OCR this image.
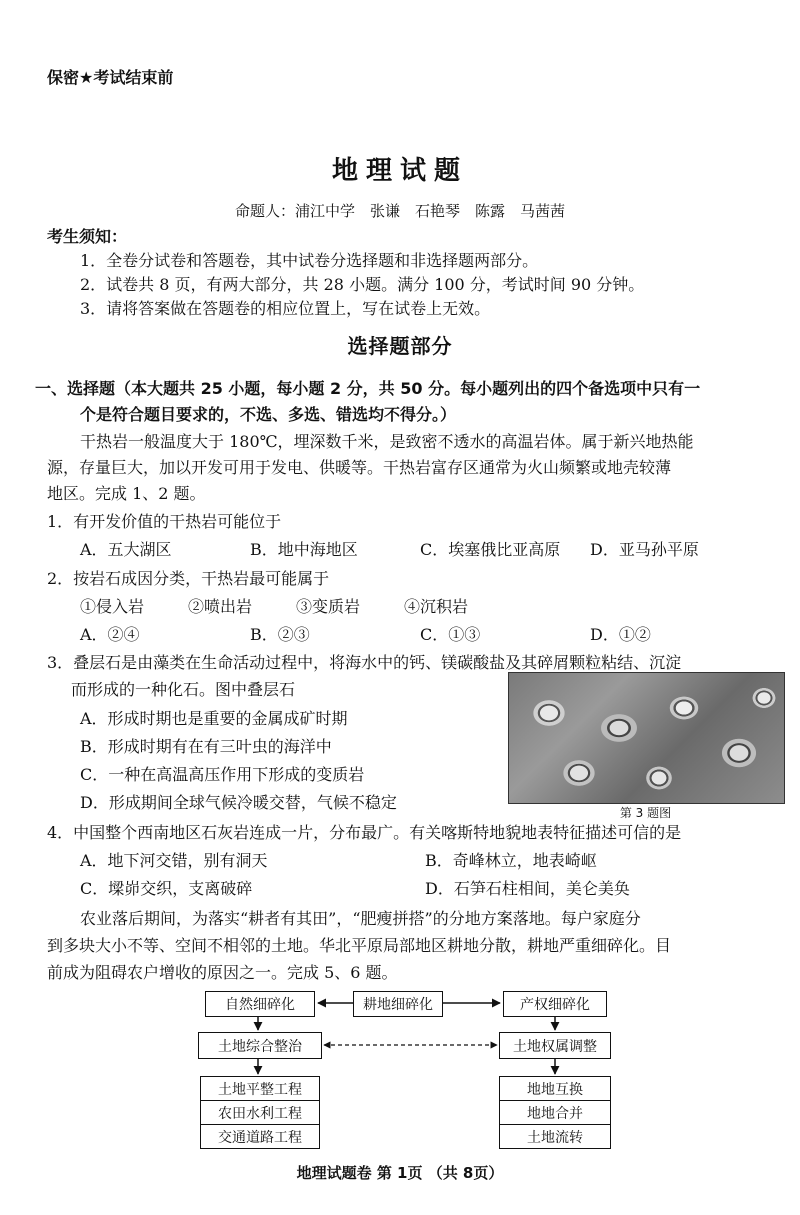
保密★考试结束前
地理试题
命题人：浦江中学　张谦　石艳琴　陈露　马茜茜
考生须知：
1．全卷分试卷和答题卷，其中试卷分选择题和非选择题两部分。
2．试卷共 8 页，有两大部分，共 28 小题。满分 100 分，考试时间 90 分钟。
3．请将答案做在答题卷的相应位置上，写在试卷上无效。
选择题部分
一、选择题（本大题共 25 小题，每小题 2 分，共 50 分。每小题列出的四个备选项中只有一
个是符合题目要求的，不选、多选、错选均不得分。）
干热岩一般温度大于 180℃，埋深数千米，是致密不透水的高温岩体。属于新兴地热能
源，存量巨大，加以开发可用于发电、供暖等。干热岩富存区通常为火山频繁或地壳较薄
地区。完成 1、2 题。
1．有开发价值的干热岩可能位于
A．五大湖区	B．地中海地区	C．埃塞俄比亚高原 D．亚马孙平原
2．按岩石成因分类，干热岩最可能属于
①侵入岩	②喷出岩	③变质岩	④沉积岩
A．②④	B．②③	C．①③	D．①②
3．叠层石是由藻类在生命活动过程中，将海水中的钙、镁碳酸盐及其碎屑颗粒粘结、沉淀
而形成的一种化石。图中叠层石
A．形成时期也是重要的金属成矿时期
B．形成时期有在有三叶虫的海洋中
C．一种在高温高压作用下形成的变质岩
D．形成期间全球气候冷暖交替，气候不稳定
第 3 题图
4．中国整个西南地区石灰岩连成一片，分布最广。有关喀斯特地貌地表特征描述可信的是
A．地下河交错，别有洞天	B．奇峰林立，地表崎岖
C．墚峁交织，支离破碎	D．石笋石柱相间，美仑美奂
农业落后期间，为落实“耕者有其田”，“肥瘦拼搭”的分地方案落地。每户家庭分
到多块大小不等、空间不相邻的土地。华北平原局部地区耕地分散，耕地严重细碎化。目
前成为阻碍农户增收的原因之一。完成 5、6 题。
自然细碎化	耕地细碎化	产权细碎化
土地综合整治	土地权属调整
土地平整工程
农田水利工程
交通道路工程
地地互换
地地合并
土地流转
地理试题卷 第 1页 （共 8页）
